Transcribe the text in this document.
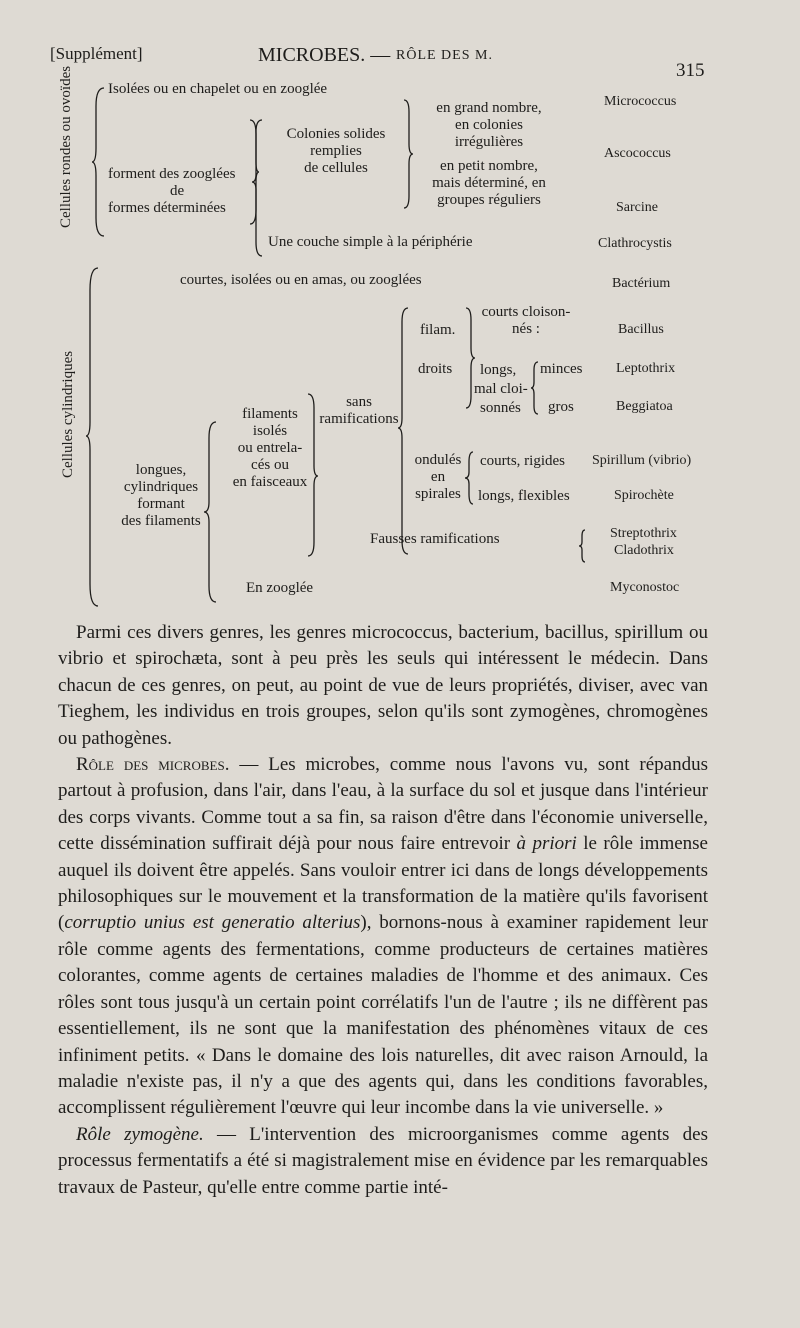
[Supplément]	MICROBES. — RÔLE DES M.
315
Cellules rondes ou ovoïdes
Cellules cylindriques
Isolées ou en chapelet ou en zooglée
forment des zooglées
de
formes déterminées
Colonies solides
remplies
de cellules
en grand nombre,
en colonies
irrégulières
en petit nombre,
mais déterminé, en
groupes réguliers
Une couche simple à la périphérie
Micrococcus
Ascococcus
Sarcine
Clathrocystis
Bactérium
Bacillus
Leptothrix
Beggiatoa
Spirillum (vibrio)
Spirochète
Streptothrix
Cladothrix
Myconostoc
courtes, isolées ou en amas, ou zooglées
filam.
courts cloison-
nés :
droits	longs,
mal cloi-
sonnés
minces
gros
filaments
isolés
ou entrela-
cés ou
en faisceaux
sans
ramifications
longues,
cylindriques
formant
des filaments
ondulés
en
spirales
courts, rigides
longs, flexibles
Fausses ramifications
En zooglée

Parmi ces divers genres, les genres micrococcus, bacterium, bacillus, spirillum ou vibrio et spirochæta, sont à peu près les seuls qui intéressent le médecin. Dans chacun de ces genres, on peut, au point de vue de leurs propriétés, diviser, avec van Tieghem, les individus en trois groupes, selon qu'ils sont zymogènes, chromogènes ou pathogènes.

Rôle des microbes. — Les microbes, comme nous l'avons vu, sont répandus partout à profusion, dans l'air, dans l'eau, à la surface du sol et jusque dans l'intérieur des corps vivants. Comme tout a sa fin, sa raison d'être dans l'économie universelle, cette dissémination suffirait déjà pour nous faire entrevoir à priori le rôle immense auquel ils doivent être appelés. Sans vouloir entrer ici dans de longs développements philosophiques sur le mouvement et la transformation de la matière qu'ils favorisent (corruptio unius est generatio alterius), bornons-nous à examiner rapidement leur rôle comme agents des fermentations, comme producteurs de certaines matières colorantes, comme agents de certaines maladies de l'homme et des animaux. Ces rôles sont tous jusqu'à un certain point corrélatifs l'un de l'autre ; ils ne diffèrent pas essentiellement, ils ne sont que la manifestation des phénomènes vitaux de ces infiniment petits. « Dans le domaine des lois naturelles, dit avec raison Arnould, la maladie n'existe pas, il n'y a que des agents qui, dans les conditions favorables, accomplissent régulièrement l'œuvre qui leur incombe dans la vie universelle. »

Rôle zymogène. — L'intervention des microorganismes comme agents des processus fermentatifs a été si magistralement mise en évidence par les remarquables travaux de Pasteur, qu'elle entre comme partie inté-
